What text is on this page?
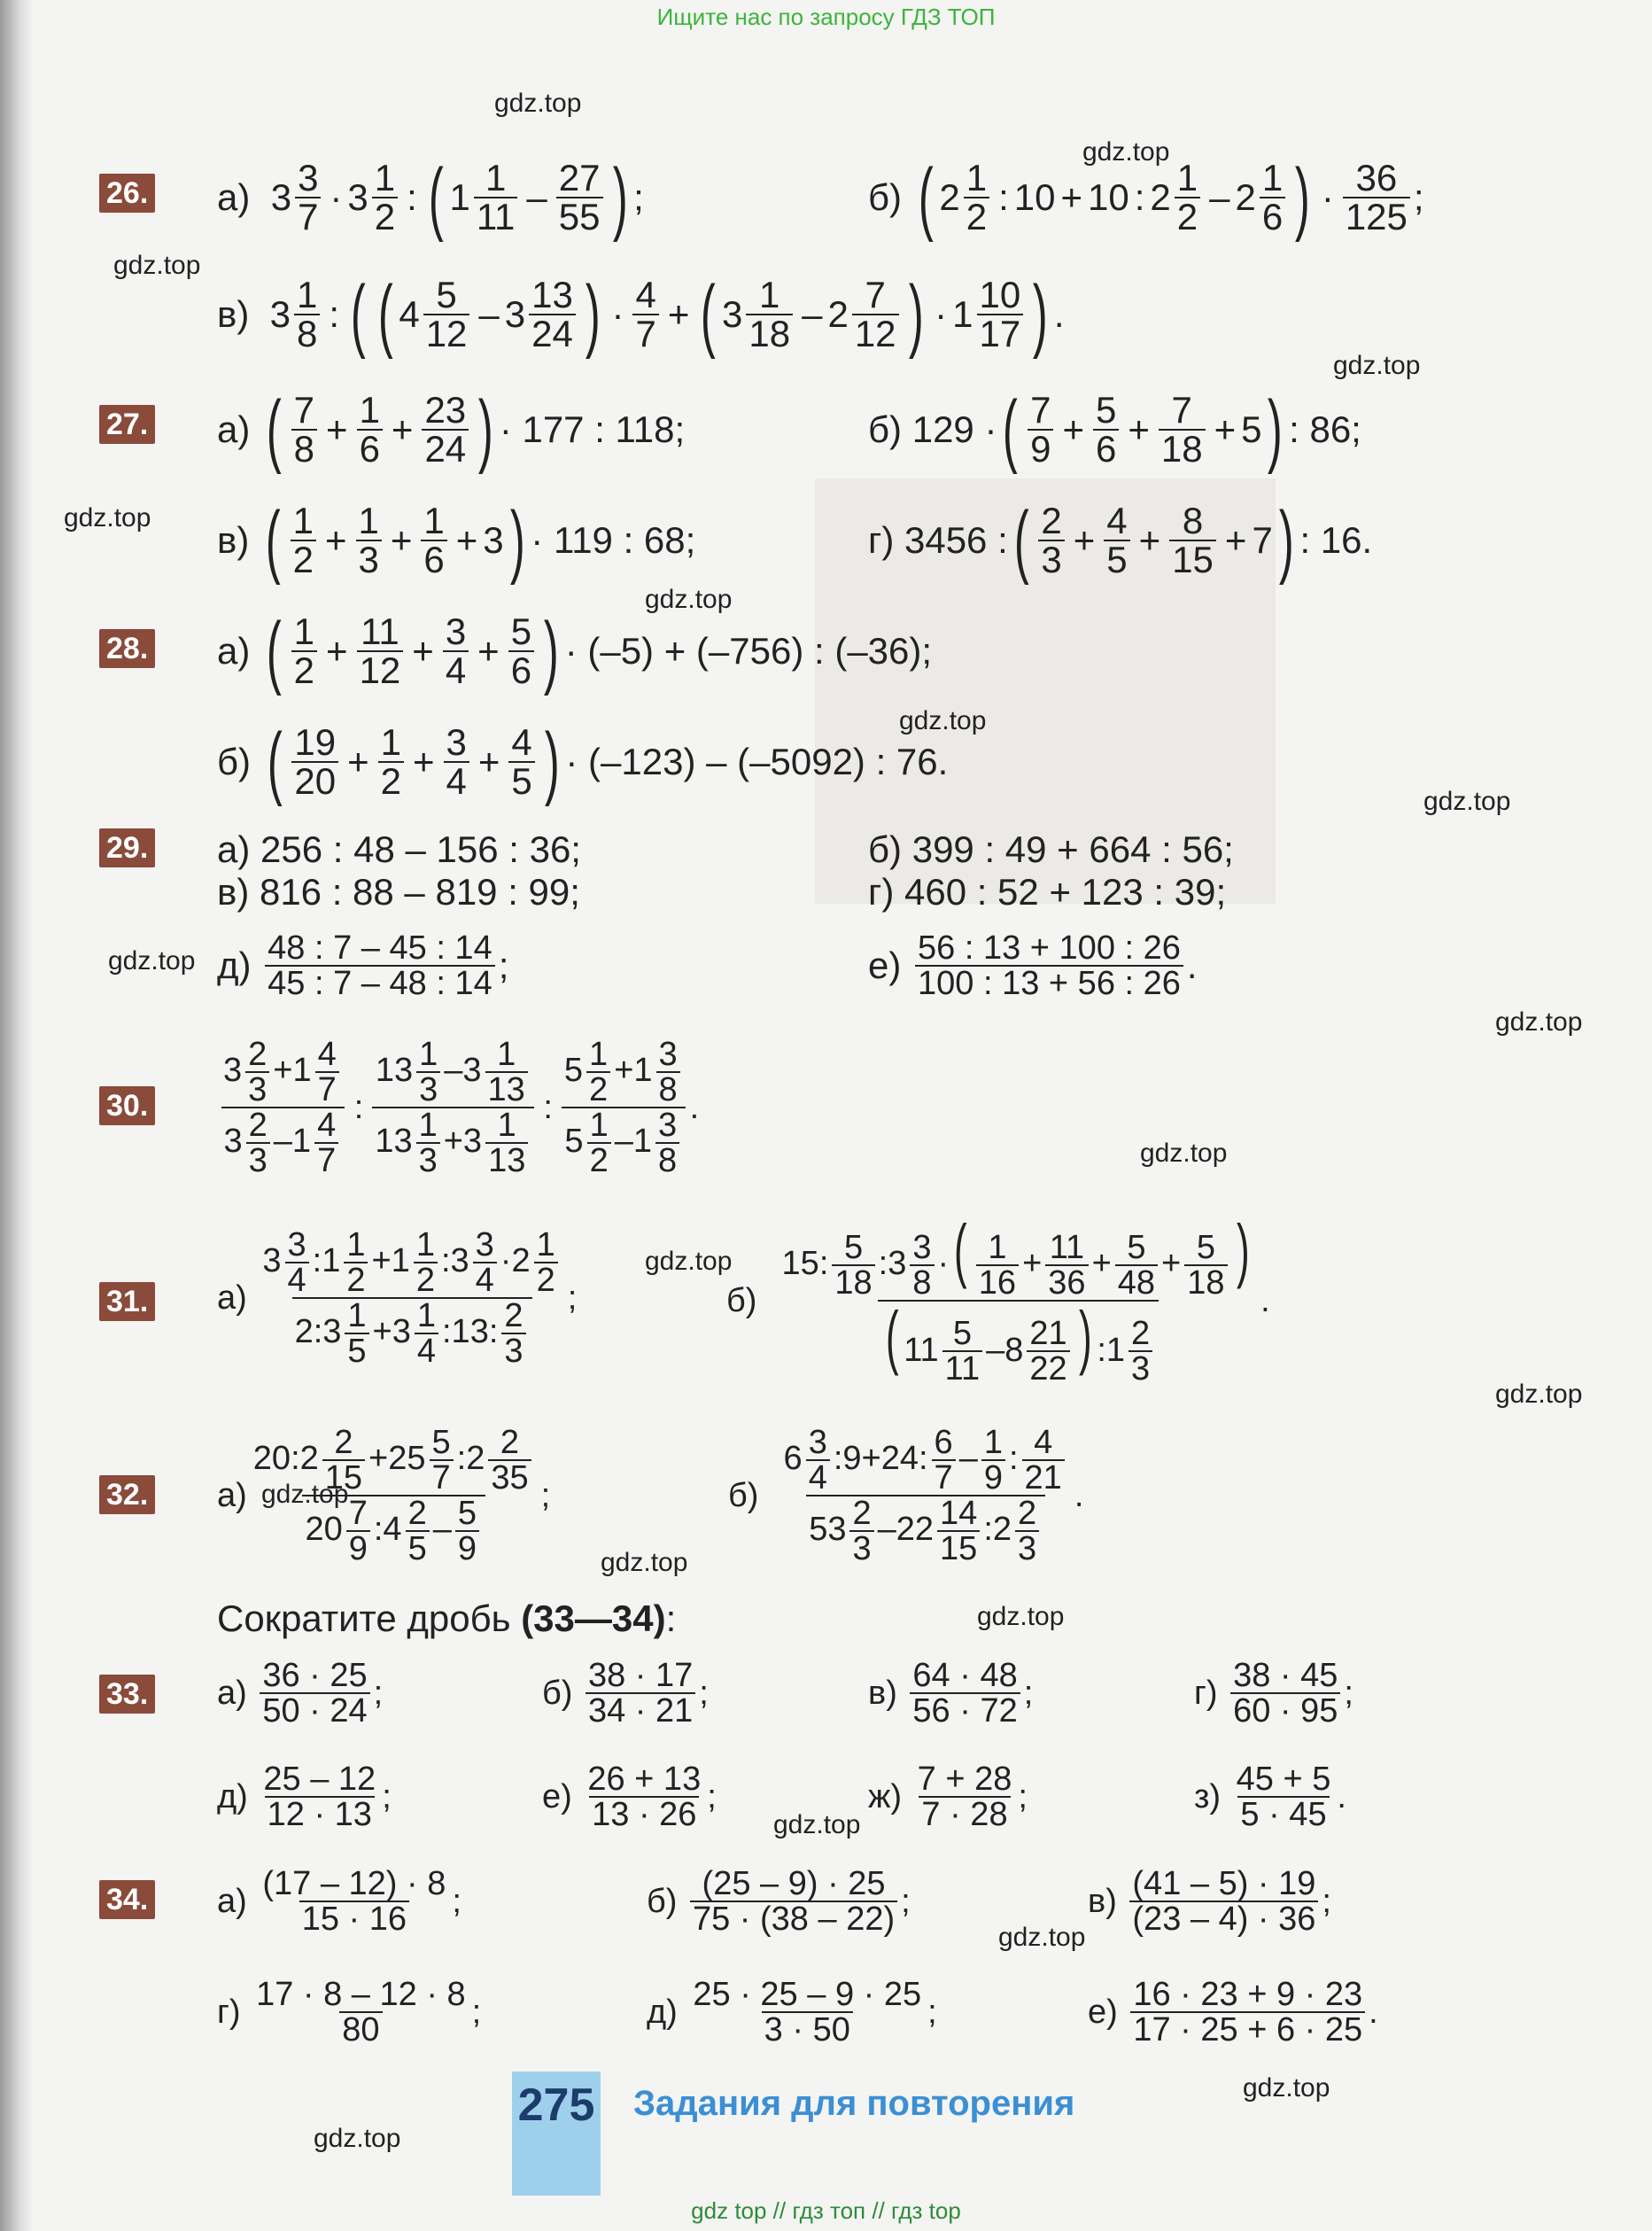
Ищите нас по запросу ГДЗ ТОП
gdz.top
gdz.top
gdz.top
gdz.top
gdz.top
gdz.top
gdz.top
gdz.top
gdz.top
gdz.top
gdz.top
gdz.top
gdz.top
gdz.top
gdz.top
gdz.top
gdz.top
gdz.top
gdz.top
gdz.top
26. а) 3 3
7 · 3 1
2 : ( 1 1
11 – 27
55 ) ;	б)
( 2 1
2 : 10 + 10 : 2 1
2 – 2 1
6 ) · 36
125 ;
в) 3 1
8 : ( ( 4 5
12 – 3 13
24 ) · 4
7 + ( 3 1
18 – 2 7
12 ) · 1 10
17 ) .
27. а)
( 7
$8 + \frac{1}{6} + \frac{23}{24}$ ) · 177 : 118;	б)
129 · ( 7
$9 + \frac{5}{6} + \frac{7}{18} + 5$ ) : 86;
в)
( 1
$2 + \frac{1}{3} + \frac{1}{6} + 3$ ) · 119 : 68;	г)
3456 : ( 2
$3 + \frac{4}{5} + \frac{8}{15} + 7$ ) : 16.
28. а)
( 1
$2 + \frac{11}{12} + \frac{3}{4} + \frac{5}{6}$ ) · (–5) + (–756) : (–36);
б)
( 19
$20 + \frac{1}{2} + \frac{3}{4} + \frac{4}{5}$ ) · (–123) – (–5092) : 76.
29. а) 256 : 48 – 156 : 36;	б) 399 : 49 + 664 : 56;
в) 816 : 88 – 819 : 99;	г) 460 : 52 + 123 : 39;
д)
48 : 7 – 45 : 14
45 : 7 – 48 : 14 ;	е)
56 : 13 + 100 : 26
100 : 13 + 56 : 26 .
30.
$3 \frac{2}{3} +1 \frac{4}{7}$
$3 \frac{2}{3} -1 \frac{4}{7}$
:
$13 \frac{1}{3} -3 \frac{1}{13}$
$13 \frac{1}{3} +3 \frac{1}{13}$
:
$5 \frac{1}{2} +1 \frac{3}{8}$
$5 \frac{1}{2} -1 \frac{3}{8}$
.
31. а)

$3 \frac{3}{4}$ :1 $\frac{1}{2} +1 \frac{1}{2}$ :3 $\frac{3}{4} \cdot 2 \frac{1}{2}$
2:3 $\frac{1}{5} +3 \frac{1}{4}$ :13: $\frac{2}{3}$
;	б)

15: $\frac{5}{18}$ :3 $\frac{3}{8}$ ·( $\frac{1}{16} + \frac{11}{36} + \frac{5}{48} + \frac{5}{18}$ )
( $11 \frac{5}{11} -8 \frac{21}{22}$ ) :1 $\frac{2}{3}$
.
32. а)
20:2 $\frac{2}{15} +25 \frac{5}{7}$ :2 $\frac{2}{35}$
$20 \frac{7}{9}$ :4 $\frac{2}{5} - \frac{5}{9}$
;	б)

$6 \frac{3}{4}$ :9+24: $\frac{6}{7} - \frac{1}{9}$ : $\frac{4}{21}$
$53 \frac{2}{3} -22 \frac{14}{15}$ :2 $\frac{2}{3}$
.
Сократите дробь (33—34):
33. а)
36 · 25
50 · 24 ;	б)
38 · 17
34 · 21 ;	в)
64 · 48
56 · 72 ;	г)
38 · 45
60 · 95 ;
д)
25 – 12
12 · 13 ;	е)
26 + 13
13 · 26 ;	ж)
7 + 28
7 · 28 ;	з)
45 + 5
5 · 45 .
34. а)
(17 – 12) · 8
15 · 16 ;	б)
(25 – 9) · 25
75 · (38 – 22) ;	в)
(41 – 5) · 19
(23 – 4) · 36 ;
г)
17 · 8 – 12 · 8
80	;	д)
25 · 25 – 9 · 25
3 · 50 ;	е)
16 · 23 + 9 · 23
17 · 25 + 6 · 25 .
275 Задания для повторения
gdz top // гдз топ // гдз top
